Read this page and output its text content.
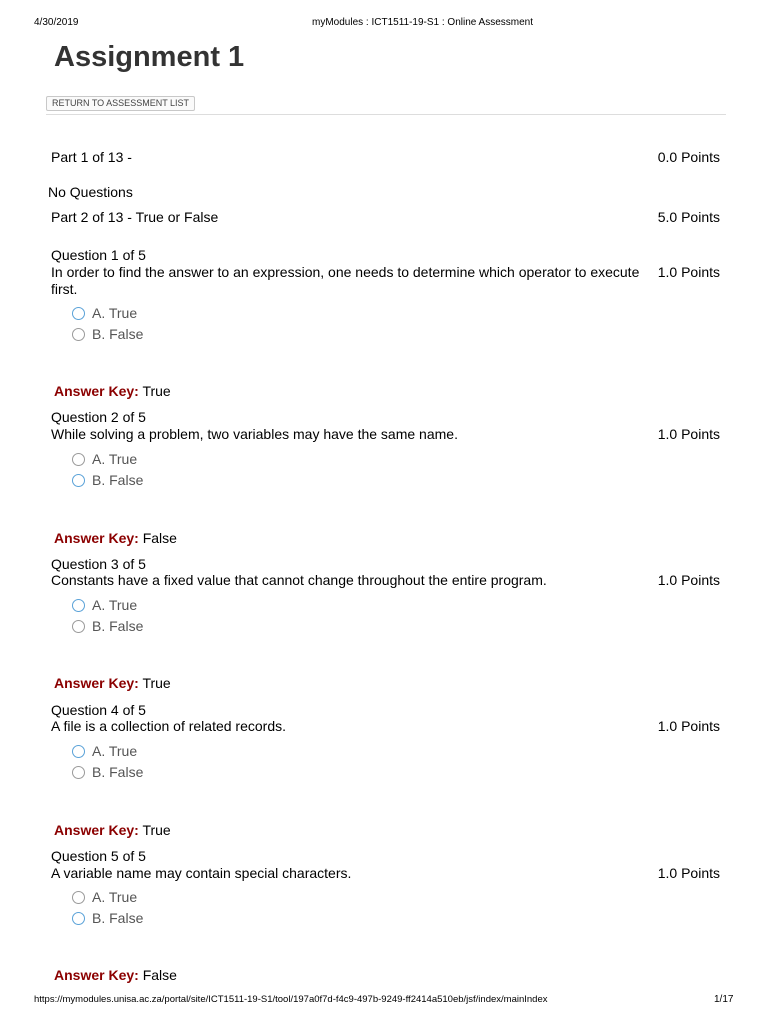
4/30/2019	myModules : ICT1511-19-S1 : Online Assessment
Assignment 1
RETURN TO ASSESSMENT LIST
Part 1 of 13 -	0.0 Points
No Questions
Part 2 of 13 - True or False	5.0 Points
Question 1 of 5
In order to find the answer to an expression, one needs to determine which operator to execute first.
1.0 Points
A. True
B. False
Answer Key: True
Question 2 of 5
While solving a problem, two variables may have the same name.	1.0 Points
A. True
B. False
Answer Key: False
Question 3 of 5
Constants have a fixed value that cannot change throughout the entire program.	1.0 Points
A. True
B. False
Answer Key: True
Question 4 of 5
A file is a collection of related records.	1.0 Points
A. True
B. False
Answer Key: True
Question 5 of 5
A variable name may contain special characters.	1.0 Points
A. True
B. False
Answer Key: False
https://mymodules.unisa.ac.za/portal/site/ICT1511-19-S1/tool/197a0f7d-f4c9-497b-9249-ff2414a510eb/jsf/index/mainIndex	1/17
